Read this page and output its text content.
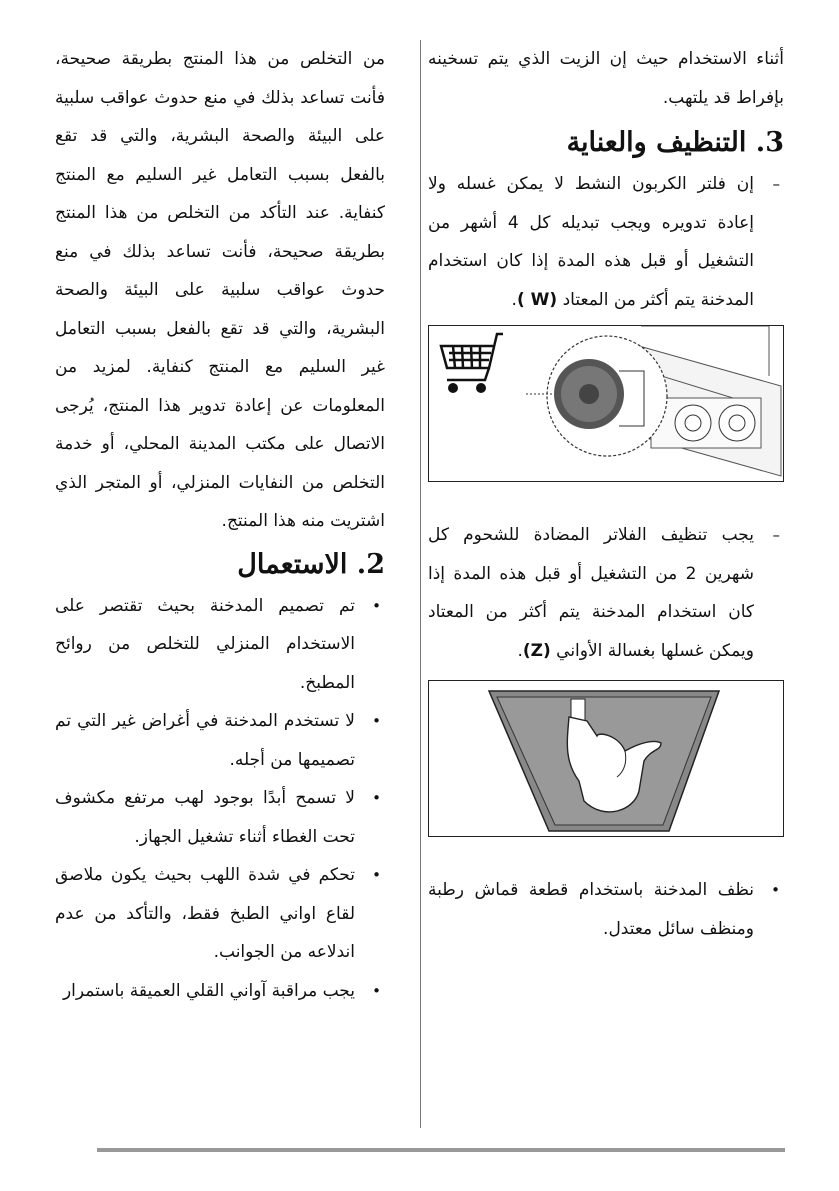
أثناء الاستخدام حيث إن الزيت الذي يتم تسخينه بإفراط قد يلتهب.

3. التنظيف والعناية
–
إن فلتر الكربون النشط لا يمكن غسله ولا إعادة تدويره ويجب تبديله كل 4 أشهر من التشغيل أو قبل هذه المدة إذا كان استخدام المدخنة يتم أكثر من المعتاد (W ).
–
يجب تنظيف الفلاتر المضادة للشحوم كل شهرين 2 من التشغيل أو قبل هذه المدة إذا كان استخدام المدخنة يتم أكثر من المعتاد ويمكن غسلها بغسالة الأواني (Z).
•
نظف المدخنة باستخدام قطعة قماش رطبة ومنظف سائل معتدل.

من التخلص من هذا المنتج بطريقة صحيحة، فأنت تساعد بذلك في منع حدوث عواقب سلبية على البيئة والصحة البشرية، والتي قد تقع بالفعل بسبب التعامل غير السليم مع المنتج كنفاية. عند التأكد من التخلص من هذا المنتج بطريقة صحيحة، فأنت تساعد بذلك في منع حدوث عواقب سلبية على البيئة والصحة البشرية، والتي قد تقع بالفعل بسبب التعامل غير السليم مع المنتج كنفاية. لمزيد من المعلومات عن إعادة تدوير هذا المنتج، يُرجى الاتصال على مكتب المدينة المحلي، أو خدمة التخلص من النفايات المنزلي، أو المتجر الذي اشتريت منه هذا المنتج.

2. الاستعمال
•
تم تصميم المدخنة بحيث تقتصر على الاستخدام المنزلي للتخلص من روائح المطبخ.
•
لا تستخدم المدخنة في أغراض غير التي تم تصميمها من أجله.
•
لا تسمح أبدًا بوجود لهب مرتفع مكشوف تحت الغطاء أثناء تشغيل الجهاز.
•
تحكم في شدة اللهب بحيث يكون ملاصق لقاع اواني الطبخ فقط، والتأكد من عدم اندلاعه من الجوانب.
•
يجب مراقبة آواني القلي العميقة باستمرار
